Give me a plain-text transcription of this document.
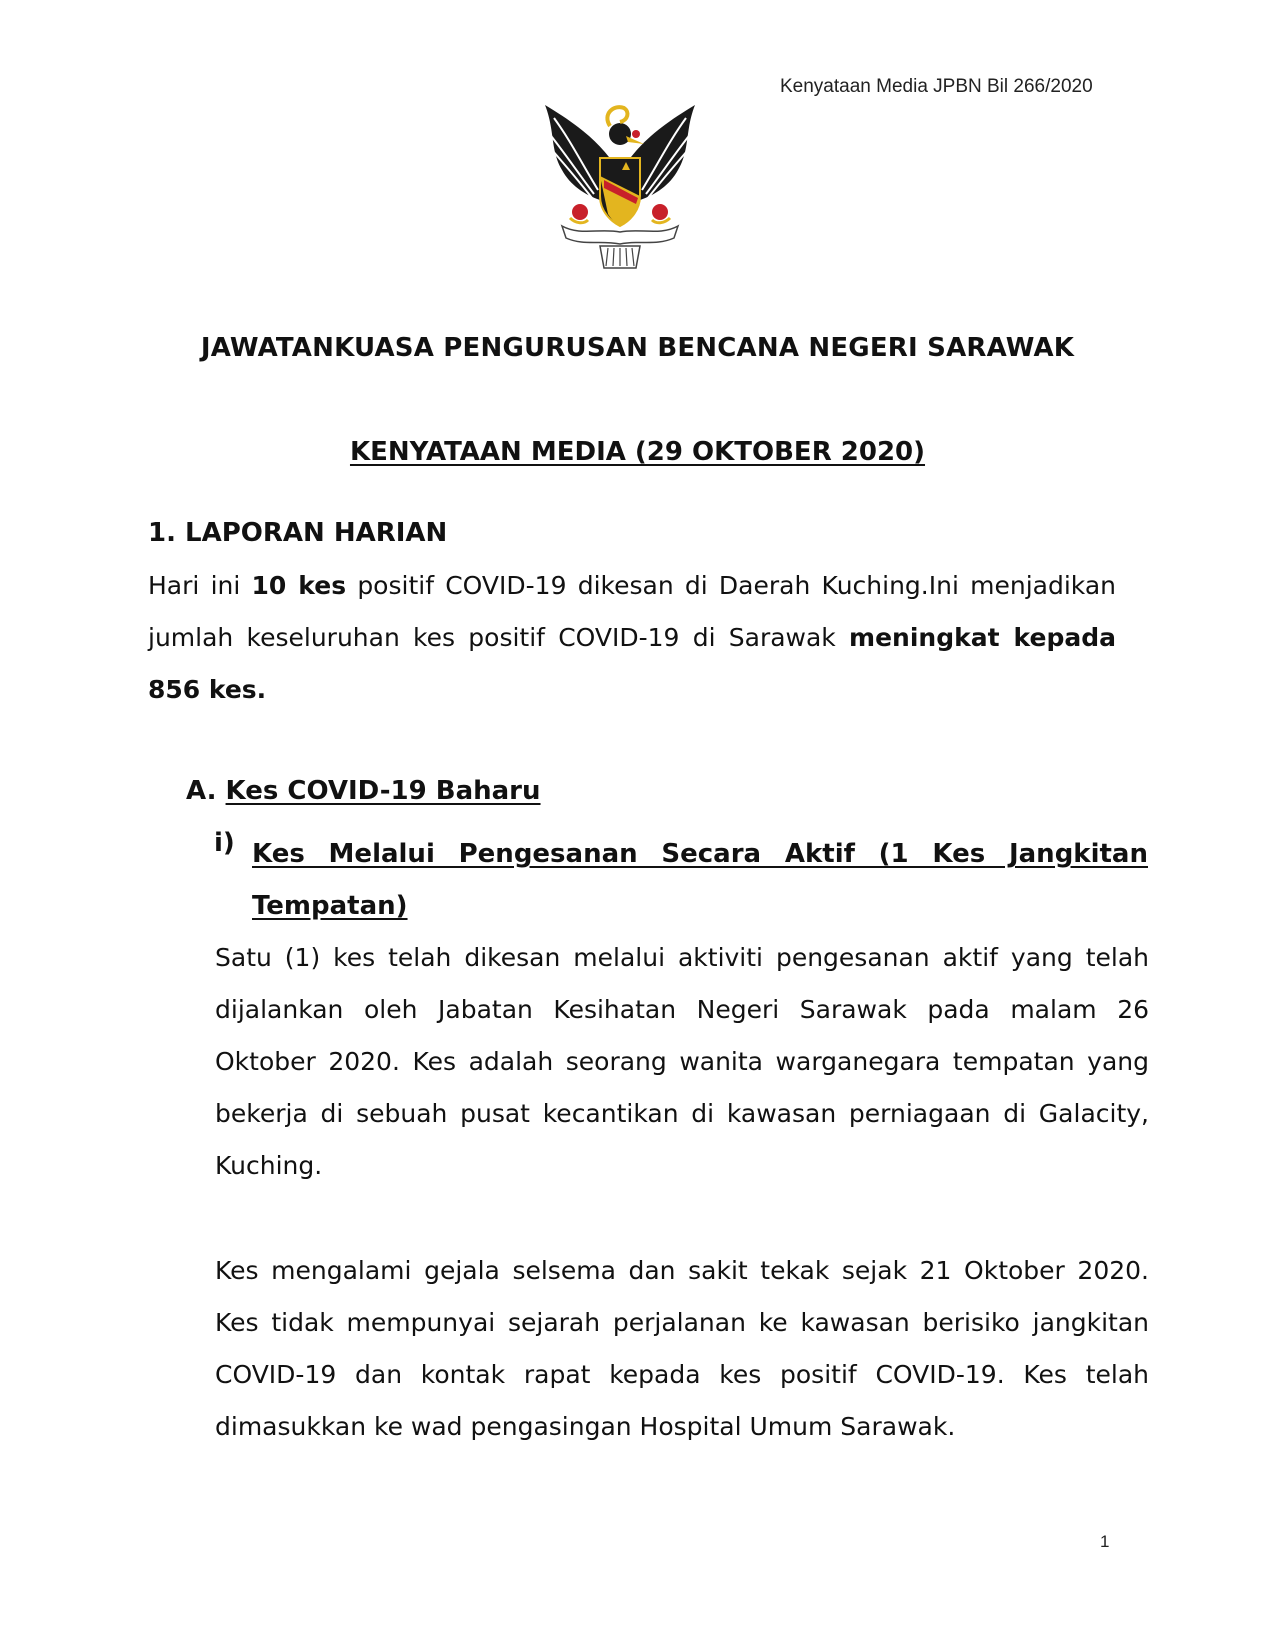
Kenyataan Media JPBN Bil 266/2020
JAWATANKUASA PENGURUSAN BENCANA NEGERI SARAWAK
KENYATAAN MEDIA (29 OKTOBER 2020)
1. LAPORAN HARIAN
Hari ini 10 kes positif COVID-19 dikesan di Daerah Kuching.Ini menjadikan jumlah keseluruhan kes positif COVID-19 di Sarawak meningkat kepada 856 kes.
A. Kes COVID-19 Baharu
i) Kes Melalui Pengesanan Secara Aktif (1 Kes Jangkitan Tempatan)
Satu (1) kes telah dikesan melalui aktiviti pengesanan aktif yang telah dijalankan oleh Jabatan Kesihatan Negeri Sarawak pada malam 26 Oktober 2020. Kes adalah seorang wanita warganegara tempatan yang bekerja di sebuah pusat kecantikan di kawasan perniagaan di Galacity, Kuching.
Kes mengalami gejala selsema dan sakit tekak sejak 21 Oktober 2020. Kes tidak mempunyai sejarah perjalanan ke kawasan berisiko jangkitan COVID-19 dan kontak rapat kepada kes positif COVID-19. Kes telah dimasukkan ke wad pengasingan Hospital Umum Sarawak.
1
